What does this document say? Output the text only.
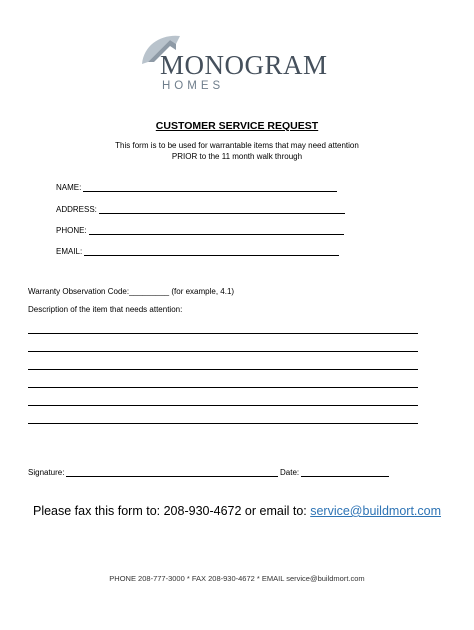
MONOGRAM
HOMES
CUSTOMER SERVICE REQUEST
This form is to be used for warrantable items that may need attention
PRIOR to the 11 month walk through
NAME:
ADDRESS:
PHONE:
EMAIL:
Warranty Observation Code:_________ (for example, 4.1)
Description of the item that needs attention:
Signature:	Date:
Please fax this form to: 208-930-4672 or email to: service@buildmort.com
PHONE 208-777-3000 * FAX 208-930-4672 * EMAIL service@buildmort.com
